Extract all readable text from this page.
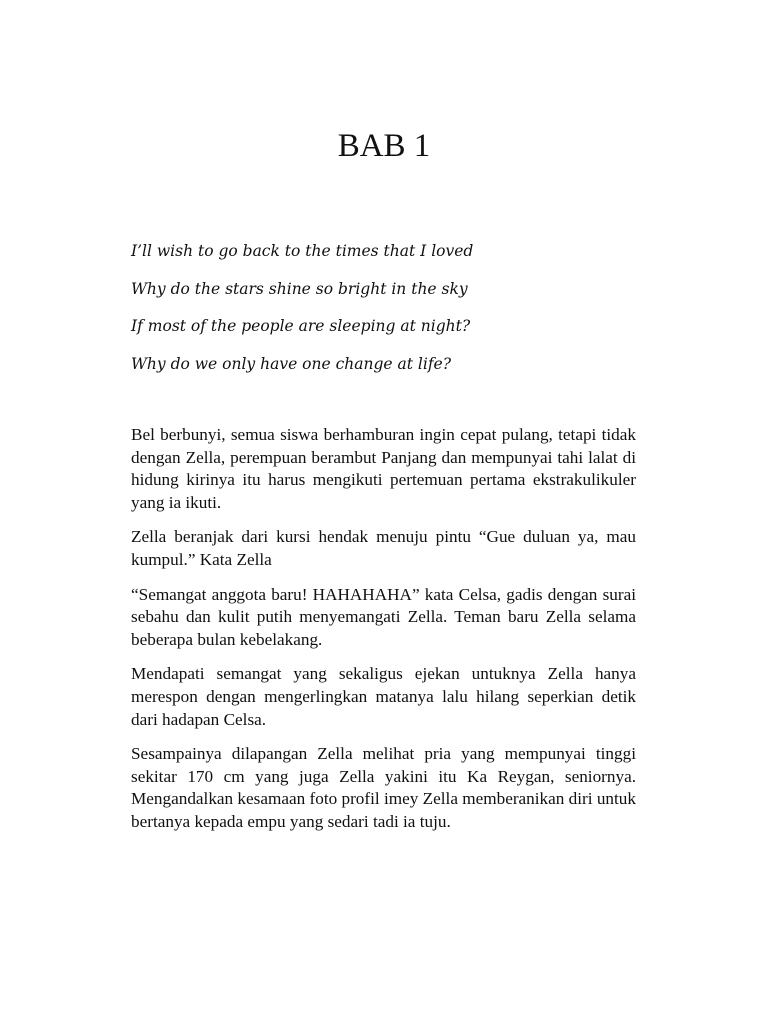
BAB 1

I’ll wish to go back to the times that I loved

Why do the stars shine so bright in the sky

If most of the people are sleeping at night?

Why do we only have one change at life?

Bel berbunyi, semua siswa berhamburan ingin cepat pulang, tetapi tidak dengan Zella, perempuan berambut Panjang dan mempunyai tahi lalat di hidung kirinya itu harus mengikuti pertemuan pertama ekstrakulikuler yang ia ikuti.

Zella beranjak dari kursi hendak menuju pintu “Gue duluan ya, mau kumpul.” Kata Zella

“Semangat anggota baru! HAHAHAHA” kata Celsa, gadis dengan surai sebahu dan kulit putih menyemangati Zella. Teman baru Zella selama beberapa bulan kebelakang.

Mendapati semangat yang sekaligus ejekan untuknya Zella hanya merespon dengan mengerlingkan matanya lalu hilang seperkian detik dari hadapan Celsa.

Sesampainya dilapangan Zella melihat pria yang mempunyai tinggi sekitar 170 cm yang juga Zella yakini itu Ka Reygan, seniornya. Mengandalkan kesamaan foto profil imey Zella memberanikan diri untuk bertanya kepada empu yang sedari tadi ia tuju.
